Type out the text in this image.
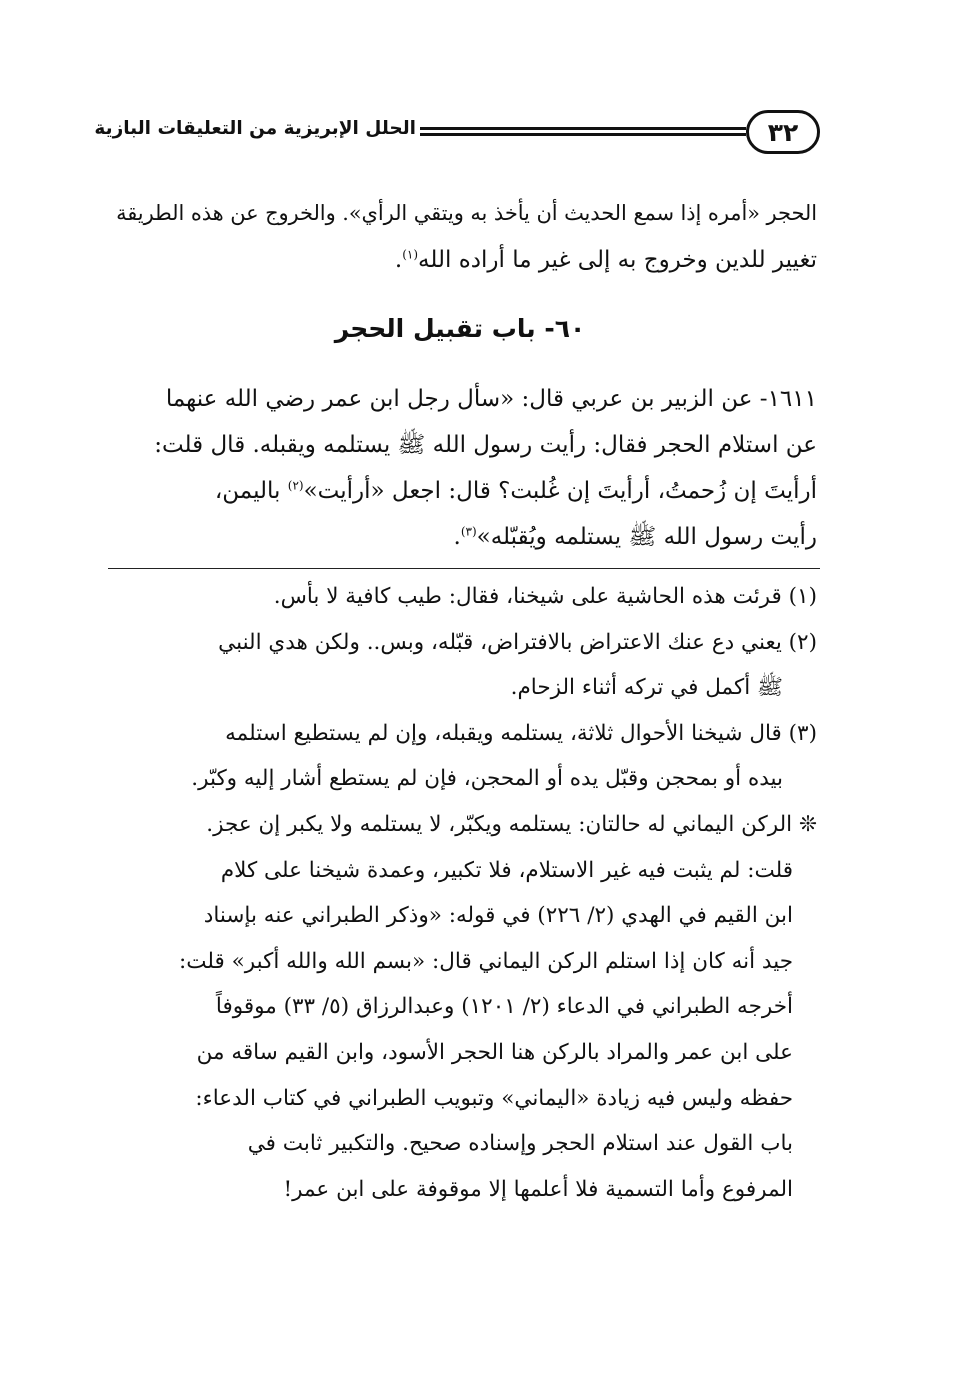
٣٢
الحلل الإبريزية من التعليقات البازية
الحجر «أمره إذا سمع الحديث أن يأخذ به ويتقي الرأي». والخروج عن هذه الطريقة
تغيير للدين وخروج به إلى غير ما أراده الله$^{(١)}$.
٦٠- باب تقبيل الحجر
١٦١١- عن الزبير بن عربي قال: «سأل رجل ابن عمر رضي الله عنهما
عن استلام الحجر فقال: رأيت رسول الله ﷺ يستلمه ويقبله. قال قلت:
أرأيتَ إن زُحمتُ، أرأيتَ إن غُلبت؟ قال: اجعل «أرأيت»$^{(٢)}$ باليمن،
رأيت رسول الله ﷺ يستلمه ويُقبّله»$^{(٣)}$.
(١) قرئت هذه الحاشية على شيخنا، فقال: طيب كافية لا بأس.
(٢) يعني دع عنك الاعتراض بالافتراض، قبّله، وبس.. ولكن هدي النبي
ﷺ أكمل في تركه أثناء الزحام.
(٣) قال شيخنا الأحوال ثلاثة، يستلمه ويقبله، وإن لم يستطيع استلمه
بيده أو بمحجن وقبّل يده أو المحجن، فإن لم يستطع أشار إليه وكبّر.
❊ الركن اليماني له حالتان: يستلمه ويكبّر، لا يستلمه ولا يكبر إن عجز.
قلت: لم يثبت فيه غير الاستلام، فلا تكبير، وعمدة شيخنا على كلام
ابن القيم في الهدي (٢/ ٢٢٦) في قوله: «وذكر الطبراني عنه بإسناد
جيد أنه كان إذا استلم الركن اليماني قال: «بسم الله والله أكبر» قلت:
أخرجه الطبراني في الدعاء (٢/ ١٢٠١) وعبدالرزاق (٥/ ٣٣) موقوفاً
على ابن عمر والمراد بالركن هنا الحجر الأسود، وابن القيم ساقه من
حفظه وليس فيه زيادة «اليماني» وتبويب الطبراني في كتاب الدعاء:
باب القول عند استلام الحجر وإسناده صحيح. والتكبير ثابت في
المرفوع وأما التسمية فلا أعلمها إلا موقوفة على ابن عمر!
